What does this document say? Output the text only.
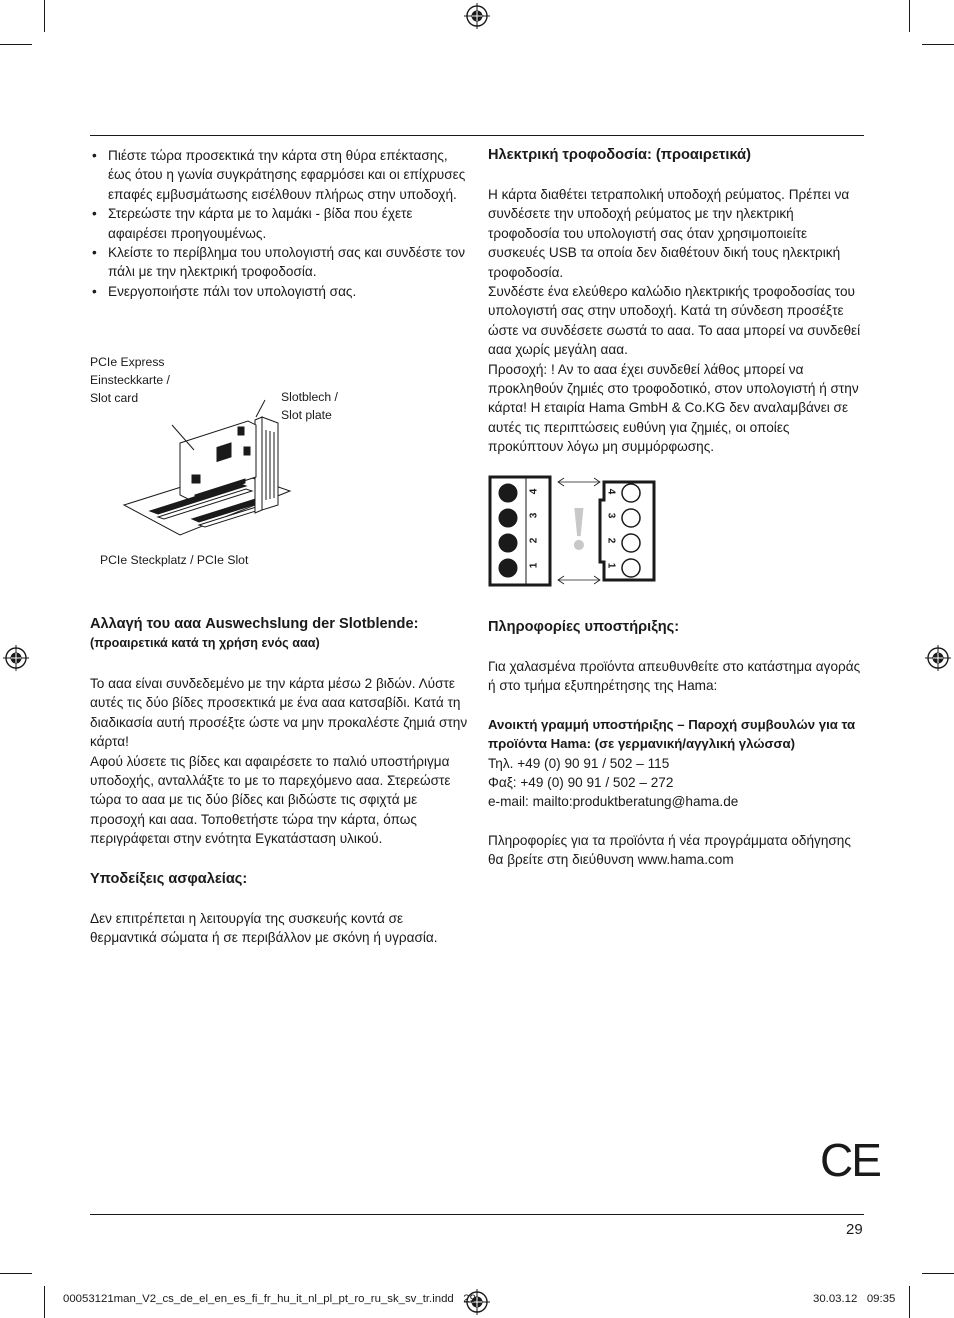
• Πιέστε τώρα προσεκτικά την κάρτα στη θύρα επέκτασης, έως ότου η γωνία συγκράτησης εφαρμόσει και οι επίχρυσες επαφές εμβυσμάτωσης εισέλθουν πλήρως στην υποδοχή.
• Στερεώστε την κάρτα με το λαμάκι - βίδα που έχετε αφαιρέσει προηγουμένως.
• Κλείστε το περίβλημα του υπολογιστή σας και συνδέστε τον πάλι με την ηλεκτρική τροφοδοσία.
• Ενεργοποιήστε πάλι τον υπολογιστή σας.
PCIe Express
Einsteckkarte /
Slot card	Slotblech /
Slot plate
PCIe Steckplatz / PCIe Slot

Αλλαγή του ααα Auswechslung der Slotblende:

(προαιρετικά κατά τη χρήση ενός ααα)

Το ααα είναι συνδεδεμένο με την κάρτα μέσω 2 βιδών. Λύστε αυτές τις δύο βίδες προσεκτικά με ένα ααα κατσαβίδι. Κατά τη διαδικασία αυτή προσέξτε ώστε να μην προκαλέστε ζημιά στην κάρτα!

Αφού λύσετε τις βίδες και αφαιρέσετε το παλιό υποστήριγμα υποδοχής, ανταλλάξτε το με το παρεχόμενο ααα. Στερεώστε τώρα το ααα με τις δύο βίδες και βιδώστε τις σφιχτά με προσοχή και ααα. Τοποθετήστε τώρα την κάρτα, όπως περιγράφεται στην ενότητα Εγκατάσταση υλικού.

Υποδείξεις ασφαλείας:

Δεν επιτρέπεται η λειτουργία της συσκευής κοντά σε θερμαντικά σώματα ή σε περιβάλλον με σκόνη ή υγρασία.

Ηλεκτρική τροφοδοσία: (προαιρετικά)

Η κάρτα διαθέτει τετραπολική υποδοχή ρεύματος. Πρέπει να συνδέσετε την υποδοχή ρεύματος με την ηλεκτρική τροφοδοσία του υπολογιστή σας όταν χρησιμοποιείτε συσκευές USB τα οποία δεν διαθέτουν δική τους ηλεκτρική τροφοδοσία.

Συνδέστε ένα ελεύθερο καλώδιο ηλεκτρικής τροφοδοσίας του υπολογιστή σας στην υποδοχή. Κατά τη σύνδεση προσέξτε ώστε να συνδέσετε σωστά το ααα. Το ααα μπορεί να συνδεθεί ααα χωρίς μεγάλη ααα.

Προσοχή: ! Αν το ααα έχει συνδεθεί λάθος μπορεί να προκληθούν ζημιές στο τροφοδοτικό, στον υπολογιστή ή στην κάρτα! Η εταιρία Hama GmbH & Co.KG δεν αναλαμβάνει σε αυτές τις περιπτώσεις ευθύνη για ζημιές, οι οποίες προκύπτουν λόγω μη συμμόρφωσης.

1
2
3
4
1
2
3
4
!

Πληροφορίες υποστήριξης:

Για χαλασμένα προϊόντα απευθυνθείτε στο κατάστημα αγοράς ή στο τμήμα εξυπηρέτησης της Hama:

Ανοικτή γραμμή υποστήριξης – Παροχή συμβουλών για τα προϊόντα Hama: (σε γερμανική/αγγλική γλώσσα)

Τηλ. +49 (0) 90 91 / 502 – 115

Φαξ: +49 (0) 90 91 / 502 – 272

e-mail: mailto:produktberatung@hama.de

Πληροφορίες για τα προϊόντα ή νέα προγράμματα οδήγησης θα βρείτε στη διεύθυνση www.hama.com

CE
29
00053121man_V2_cs_de_el_en_es_fi_fr_hu_it_nl_pl_pt_ro_ru_sk_sv_tr.indd   29	30.03.12   09:35
